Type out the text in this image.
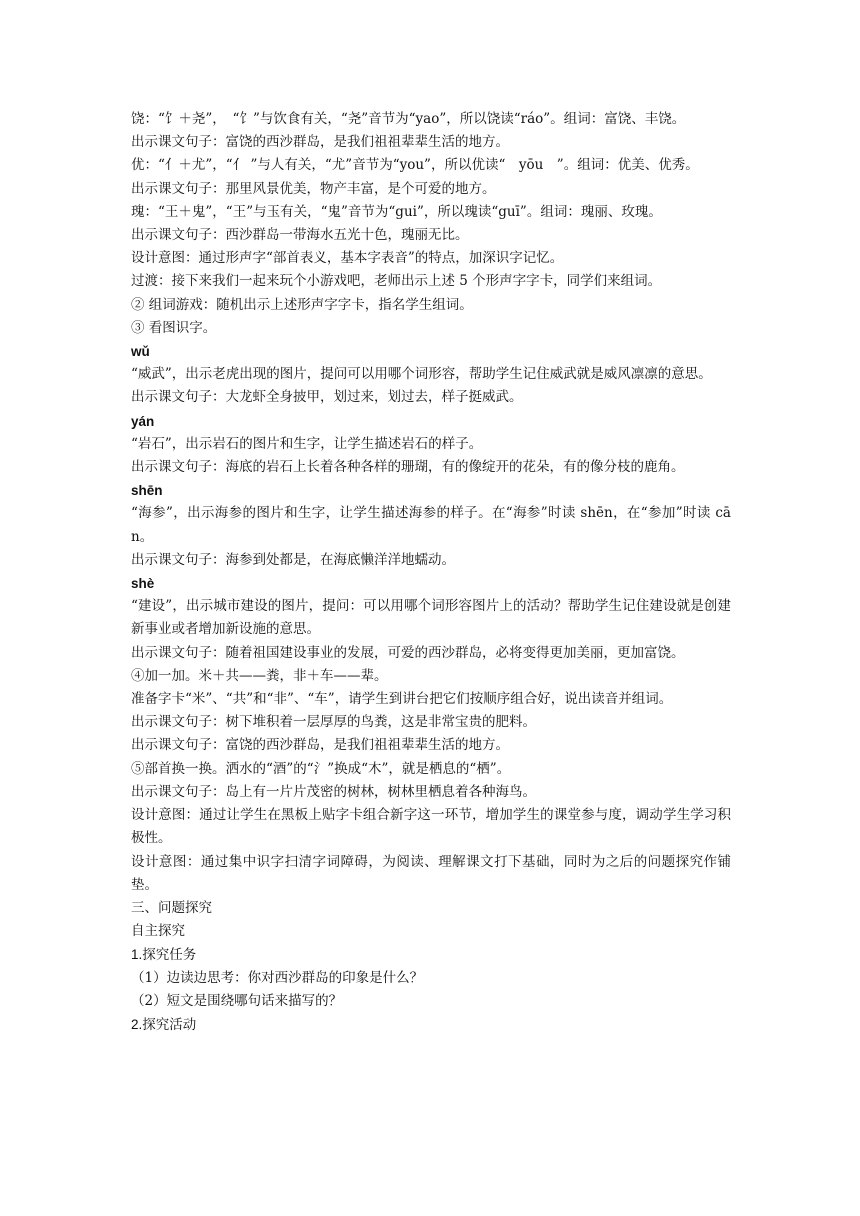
饶：“饣＋尧”，　“饣”与饮食有关，“尧”音节为“yao”，所以饶读“ráo”。组词：富饶、丰饶。
出示课文句子：富饶的西沙群岛，是我们祖祖辈辈生活的地方。
优：“亻＋尤”，“亻 ”与人有关，“尤”音节为“you”，所以优读“　yōu　”。组词：优美、优秀。
出示课文句子：那里风景优美，物产丰富，是个可爱的地方。
瑰：“王＋鬼”，“王”与玉有关，“鬼”音节为“gui”，所以瑰读“guī”。组词：瑰丽、玫瑰。
出示课文句子：西沙群岛一带海水五光十色，瑰丽无比。
设计意图：通过形声字“部首表义，基本字表音”的特点，加深识字记忆。
过渡：接下来我们一起来玩个小游戏吧，老师出示上述 5 个形声字字卡，同学们来组词。
② 组词游戏：随机出示上述形声字字卡，指名学生组词。
③ 看图识字。
wǔ
“威武”，出示老虎出现的图片，提问可以用哪个词形容，帮助学生记住威武就是威风凛凛的意思。
出示课文句子：大龙虾全身披甲，划过来，划过去，样子挺威武。
yán
“岩石”，出示岩石的图片和生字，让学生描述岩石的样子。
出示课文句子：海底的岩石上长着各种各样的珊瑚，有的像绽开的花朵，有的像分枝的鹿角。
shēn
“海参”，出示海参的图片和生字，让学生描述海参的样子。在“海参”时读 shēn，在“参加”时读 cān。
出示课文句子：海参到处都是，在海底懒洋洋地蠕动。
shè
“建设”，出示城市建设的图片，提问：可以用哪个词形容图片上的活动？帮助学生记住建设就是创建新事业或者增加新设施的意思。
出示课文句子：随着祖国建设事业的发展，可爱的西沙群岛，必将变得更加美丽，更加富饶。
④加一加。米＋共——粪，非＋车——辈。
准备字卡“米”、“共”和“非”、“车”，请学生到讲台把它们按顺序组合好，说出读音并组词。
出示课文句子：树下堆积着一层厚厚的鸟粪，这是非常宝贵的肥料。
出示课文句子：富饶的西沙群岛，是我们祖祖辈辈生活的地方。
⑤部首换一换。洒水的“酒”的“氵”换成“木”，就是栖息的“栖”。
出示课文句子：岛上有一片片茂密的树林，树林里栖息着各种海鸟。
设计意图：通过让学生在黑板上贴字卡组合新字这一环节，增加学生的课堂参与度，调动学生学习积极性。
设计意图：通过集中识字扫清字词障碍，为阅读、理解课文打下基础，同时为之后的问题探究作铺垫。
三、问题探究
自主探究
1.探究任务
（1）边读边思考：你对西沙群岛的印象是什么？
（2）短文是围绕哪句话来描写的？
2.探究活动
